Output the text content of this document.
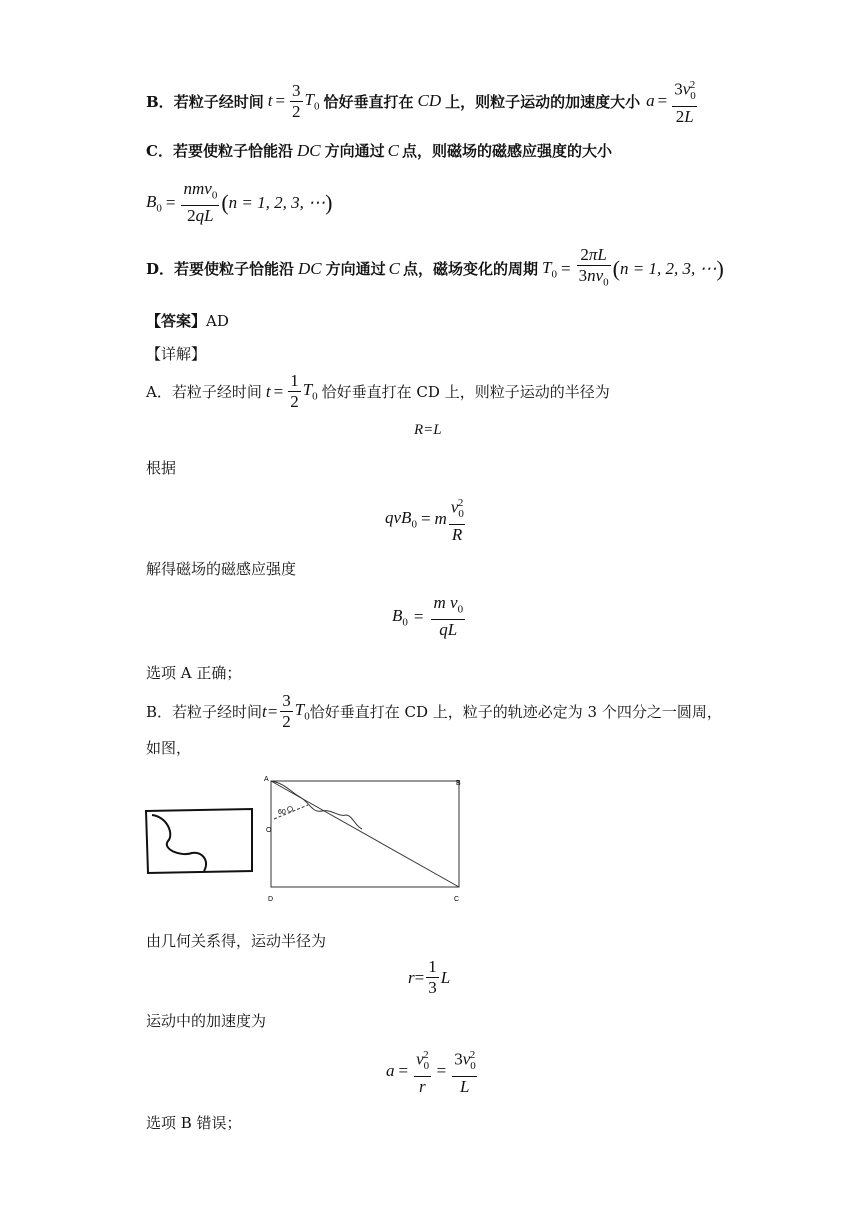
B． 若粒子经时间 $t = \frac{3}{2} T_0$ 恰好垂直打在 CD 上，则粒子运动的加速度大小 $a = \frac{3v_0^2}{2L}$
C． 若要使粒子恰能沿 DC 方向通过 C 点，则磁场的磁感应强度的大小
$B_0 = \frac{nmv_0}{2qL}$ ( n = 1, 2, 3, ⋯ )
D． 若要使粒子恰能沿 DC 方向通过 C 点，磁场变化的周期 $T_0 = \frac{2\pi L}{3nv_0}$ ( n = 1, 2, 3, ⋯ )
【答案】AD
【详解】
A． 若粒子经时间 $t = \frac{1}{2} T_0$ 恰好垂直打在 CD 上，则粒子运动的半径为
R=L
根据
qvB$_0$ = m $\frac{v_0^2}{R}$
解得磁场的磁感应强度
$B_0 = \frac{m v_0}{qL}$
选项 A 正确；
B． 若粒子经时间 $t= \frac{3}{2} T_0$ 恰好垂直打在 CD 上，粒子的轨迹必定为 3 个四分之一圆周，
如图，
A
B
D	C
O
60
由几何关系得，运动半径为
$r = \frac{1}{3}$ L
运动中的加速度为
$a = \frac{v_0^2}{r} = \frac{3v_0^2}{L}$
选项 B 错误；
